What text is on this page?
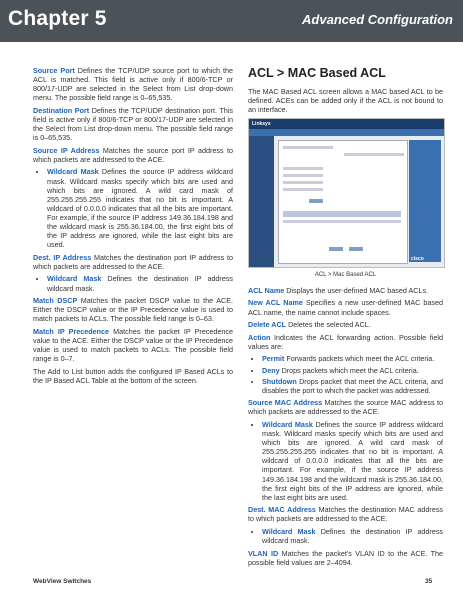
Chapter 5	Advanced Configuration

Source Port Defines the TCP/UDP source port to which the ACL is matched. This field is active only if 800/6-TCP or 800/17-UDP are selected in the Select from List drop-down menu. The possible field range is 0–65,535.

Destination Port Defines the TCP/UDP destination port. This field is active only if 800/6-TCP or 800/17-UDP are selected in the Select from List drop-down menu. The possible field range is 0–65,535.

Source IP Address Matches the source port IP address to which packets are addressed to the ACE.

• Wildcard Mask Defines the source IP address wildcard mask. Wildcard masks specify which bits are used and which bits are ignored. A wild card mask of 255.255.255.255 indicates that no bit is important. A wildcard of 0.0.0.0 indicates that all the bits are important. For example, if the source IP address 149.36.184.198 and the wildcard mask is 255.36.184.00, the first eight bits of the IP address are ignored, while the last eight bits are used.

Dest. IP Address Matches the destination port IP address to which packets are addressed to the ACE.

• Wildcard Mask Defines the destination IP address wildcard mask.

Match DSCP Matches the packet DSCP value to the ACE. Either the DSCP value or the IP Precedence value is used to match packets to ACLs. The possible field range is 0–63.

Match IP Precedence Matches the packet IP Precedence value to the ACE. Either the DSCP value or the IP Precedence value is used to match packets to ACLs. The possible field range is 0–7.

The Add to List button adds the configured IP Based ACLs to the IP Based ACL Table at the bottom of the screen.

ACL > MAC Based ACL

The MAC Based ACL screen allows a MAC based ACL to be defined. ACEs can be added only if the ACL is not bound to an interface.

Linksys
cisco
ACL > Mac Based ACL

ACL Name Displays the user-defined MAC based ACLs.

New ACL Name Specifies a new user-defined MAC based ACL name, the name cannot include spaces.

Delete ACL Deletes the selected ACL.

Action Indicates the ACL forwarding action. Possible field values are:

• Permit Forwards packets which meet the ACL criteria.
• Deny Drops packets which meet the ACL criteria.
• Shutdown Drops packet that meet the ACL criteria, and disables the port to which the packet was addressed.

Source MAC Address Matches the source MAC address to which packets are addressed to the ACE.

• Wildcard Mask Defines the source IP address wildcard mask. Wildcard masks specify which bits are used and which bits are ignored. A wild card mask of 255.255.255.255 indicates that no bit is important. A wildcard of 0.0.0.0 indicates that all the bits are important. For example, if the source IP address 149.36.184.198 and the wildcard mask is 255.36.184.00, the first eight bits of the IP address are ignored, while the last eight bits are used.

Dest. MAC Address Matches the destination MAC address to which packets are addressed to the ACE.

• Wildcard Mask Defines the destination IP address wildcard mask.

VLAN ID Matches the packet's VLAN ID to the ACE. The possible field values are 2–4094.

WebView Switches	35
